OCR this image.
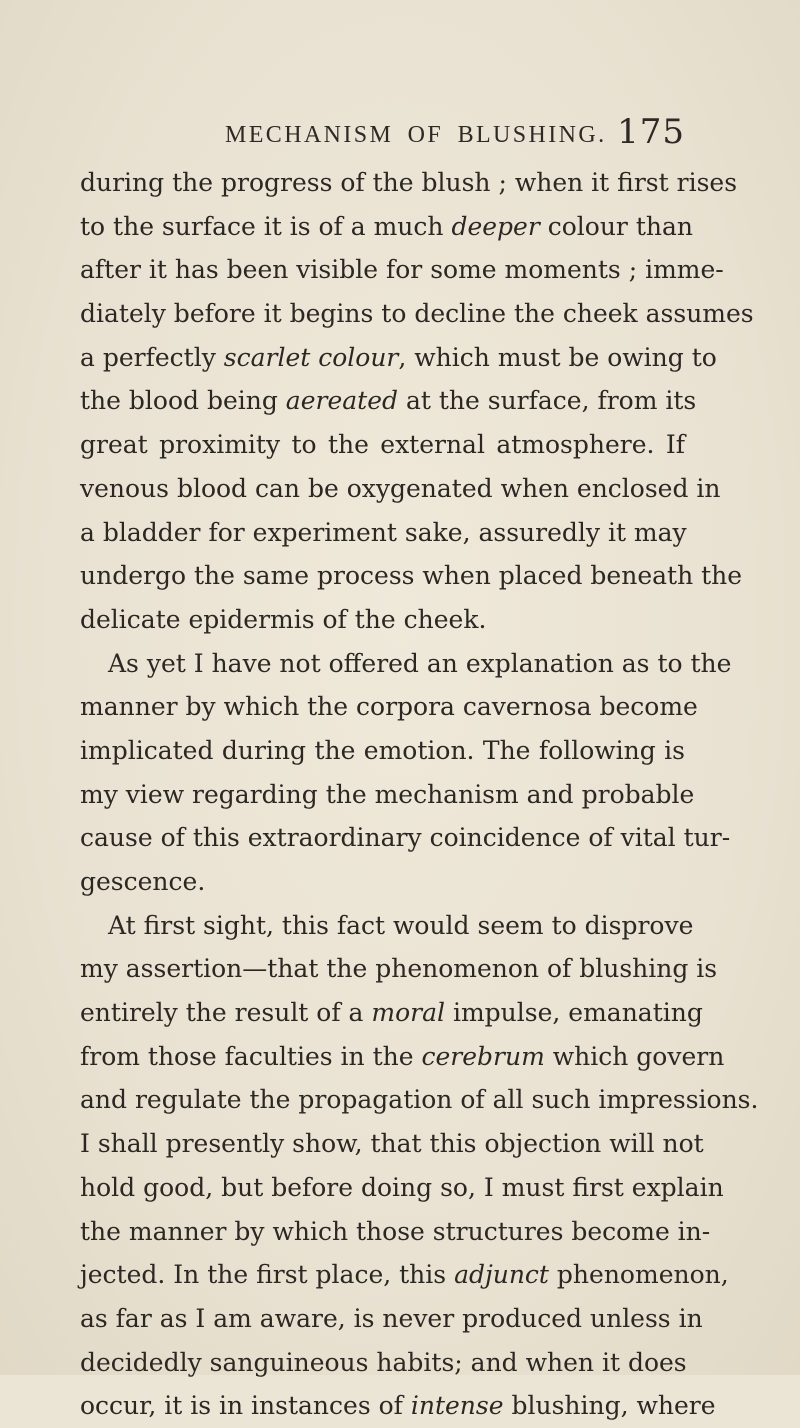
MECHANISM OF BLUSHING. 175
during the progress of the blush ; when it first rises
to the surface it is of a much deeper colour than
after it has been visible for some moments ; imme-
diately before it begins to decline the cheek assumes
a perfectly scarlet colour, which must be owing to
the blood being aereated at the surface, from its
great proximity to the external atmosphere. If
venous blood can be oxygenated when enclosed in
a bladder for experiment sake, assuredly it may
undergo the same process when placed beneath the
delicate epidermis of the cheek.
As yet I have not offered an explanation as to the
manner by which the corpora cavernosa become
implicated during the emotion. The following is
my view regarding the mechanism and probable
cause of this extraordinary coincidence of vital tur-
gescence.
At first sight, this fact would seem to disprove
my assertion—that the phenomenon of blushing is
entirely the result of a moral impulse, emanating
from those faculties in the cerebrum which govern
and regulate the propagation of all such impressions.
I shall presently show, that this objection will not
hold good, but before doing so, I must first explain
the manner by which those structures become in-
jected. In the first place, this adjunct phenomenon,
as far as I am aware, is never produced unless in
decidedly sanguineous habits; and when it does
occur, it is in instances of intense blushing, where
